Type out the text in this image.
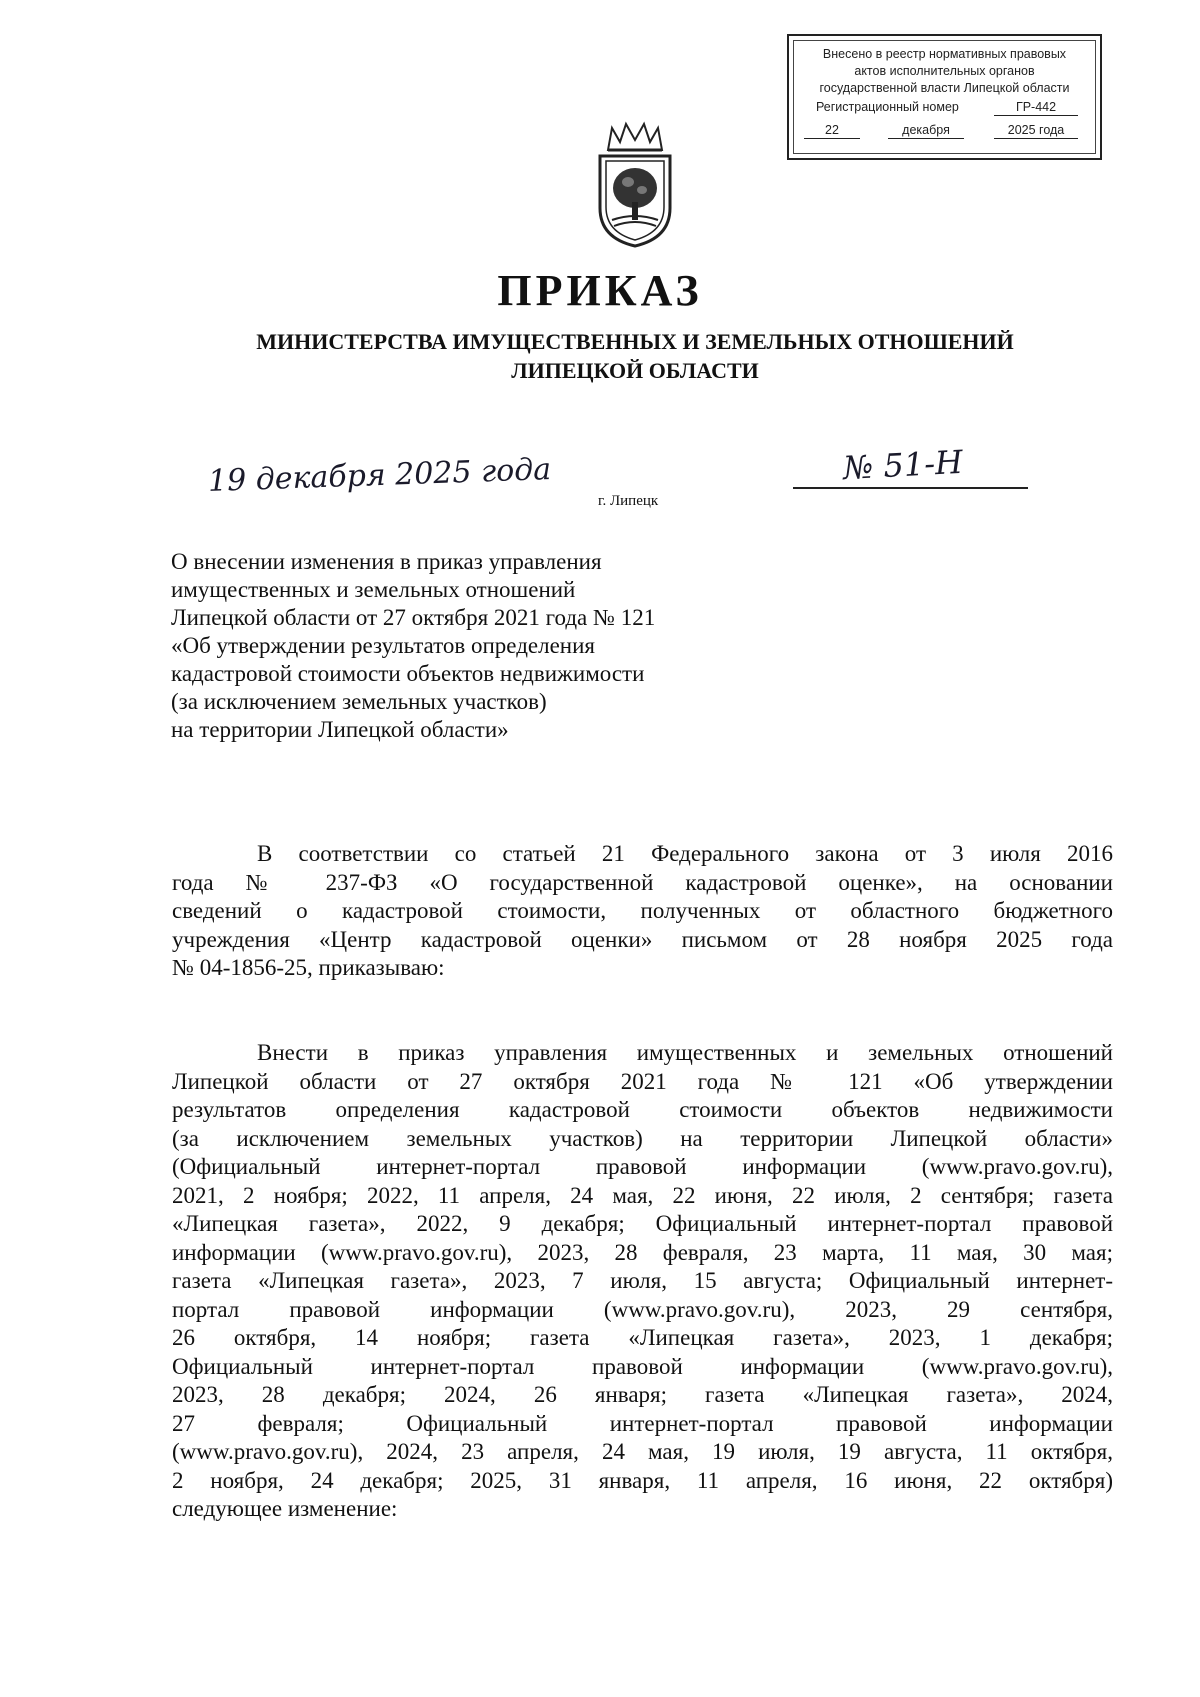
Внесено в реестр нормативных правовых
актов исполнительных органов
государственной власти Липецкой области
Регистрационный номер	ГР-442
22	декабря	2025 года
ПРИКАЗ
МИНИСТЕРСТВА ИМУЩЕСТВЕННЫХ И ЗЕМЕЛЬНЫХ ОТНОШЕНИЙ
ЛИПЕЦКОЙ ОБЛАСТИ
19 декабря 2025 года	№ 51-Н
г. Липецк
О внесении изменения в приказ управления
имущественных и земельных отношений
Липецкой области от 27 октября 2021 года № 121
«Об утверждении результатов определения
кадастровой стоимости объектов недвижимости
(за исключением земельных участков)
на территории Липецкой области»
В соответствии со статьей 21 Федерального закона от 3 июля 2016
года № 237-ФЗ «О государственной кадастровой оценке», на основании
сведений о кадастровой стоимости, полученных от областного бюджетного
учреждения «Центр кадастровой оценки» письмом от 28 ноября 2025 года
№ 04-1856-25, приказываю:
Внести в приказ управления имущественных и земельных отношений
Липецкой области от 27 октября 2021 года № 121 «Об утверждении
результатов определения кадастровой стоимости объектов недвижимости
(за исключением земельных участков) на территории Липецкой области»
(Официальный интернет-портал правовой информации (www.pravo.gov.ru),
2021, 2 ноября; 2022, 11 апреля, 24 мая, 22 июня, 22 июля, 2 сентября; газета
«Липецкая газета», 2022, 9 декабря; Официальный интернет-портал правовой
информации (www.pravo.gov.ru), 2023, 28 февраля, 23 марта, 11 мая, 30 мая;
газета «Липецкая газета», 2023, 7 июля, 15 августа; Официальный интернет-
портал правовой информации (www.pravo.gov.ru), 2023, 29 сентября,
26 октября, 14 ноября; газета «Липецкая газета», 2023, 1 декабря;
Официальный интернет-портал правовой информации (www.pravo.gov.ru),
2023, 28 декабря; 2024, 26 января; газета «Липецкая газета», 2024,
27 февраля; Официальный интернет-портал правовой информации
(www.pravo.gov.ru), 2024, 23 апреля, 24 мая, 19 июля, 19 августа, 11 октября,
2 ноября, 24 декабря; 2025, 31 января, 11 апреля, 16 июня, 22 октября)
следующее изменение:
